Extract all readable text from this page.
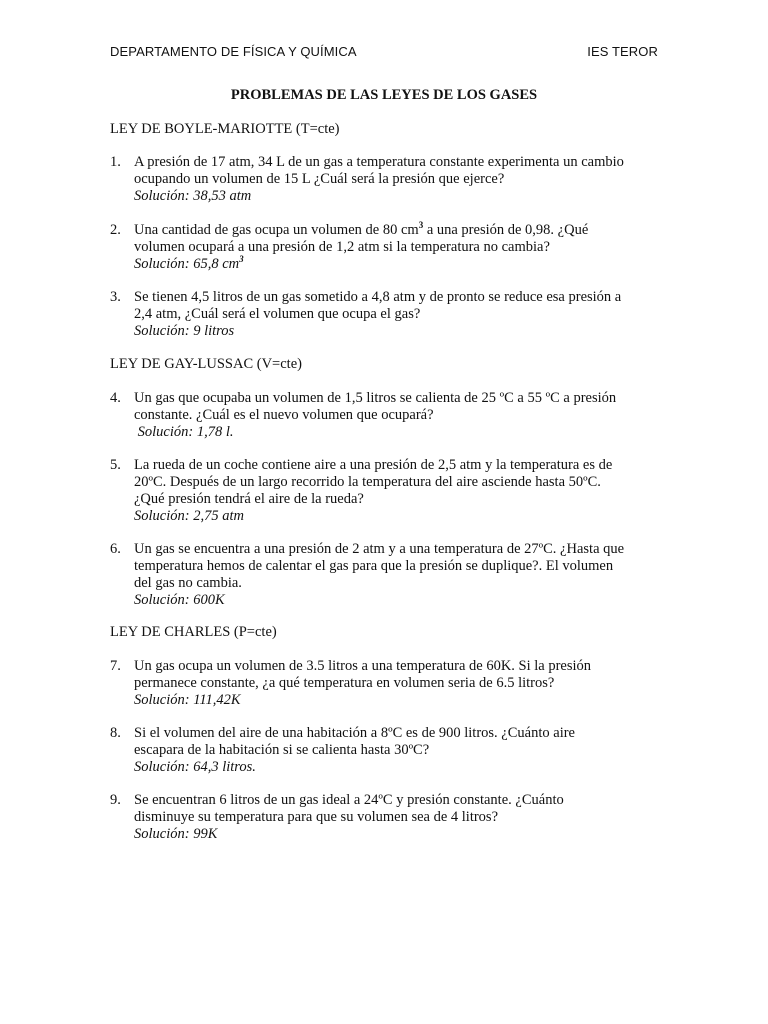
DEPARTAMENTO DE FÍSICA Y QUÍMICA	IES TEROR
PROBLEMAS DE LAS LEYES DE LOS GASES
LEY DE BOYLE-MARIOTTE (T=cte)
1. A presión de 17 atm, 34 L de un gas a temperatura constante experimenta un cambio

ocupando un volumen de 15 L ¿Cuál será la presión que ejerce?

Solución: 38,53 atm

2. Una cantidad de gas ocupa un volumen de 80 $cm^3$ a una presión de 0,98. ¿Qué

volumen ocupará a una presión de 1,2 atm si la temperatura no cambia?

Solución: 65,8 $cm^3$

3. Se tienen 4,5 litros de un gas sometido a 4,8 atm y de pronto se reduce esa presión a

2,4 atm, ¿Cuál será el volumen que ocupa el gas?

Solución: 9 litros

LEY DE GAY-LUSSAC (V=cte)
4. Un gas que ocupaba un volumen de 1,5 litros se calienta de 25 ºC a 55 ºC a presión

constante. ¿Cuál es el nuevo volumen que ocupará?

Solución: 1,78 l.

5. La rueda de un coche contiene aire a una presión de 2,5 atm y la temperatura es de

20ºC. Después de un largo recorrido la temperatura del aire asciende hasta 50ºC.

¿Qué presión tendrá el aire de la rueda?

Solución: 2,75 atm

6. Un gas se encuentra a una presión de 2 atm y a una temperatura de 27ºC. ¿Hasta que

temperatura hemos de calentar el gas para que la presión se duplique?. El volumen

del gas no cambia.

Solución: 600K

LEY DE CHARLES (P=cte)
7. Un gas ocupa un volumen de 3.5 litros a una temperatura de 60K. Si la presión

permanece constante, ¿a qué temperatura en volumen seria de 6.5 litros?

Solución: 111,42K

8. Si el volumen del aire de una habitación a 8ºC es de 900 litros. ¿Cuánto aire

escapara de la habitación si se calienta hasta 30ºC?

Solución: 64,3 litros.

9. Se encuentran 6 litros de un gas ideal a 24ºC y presión constante. ¿Cuánto

disminuye su temperatura para que su volumen sea de 4 litros?

Solución: 99K
